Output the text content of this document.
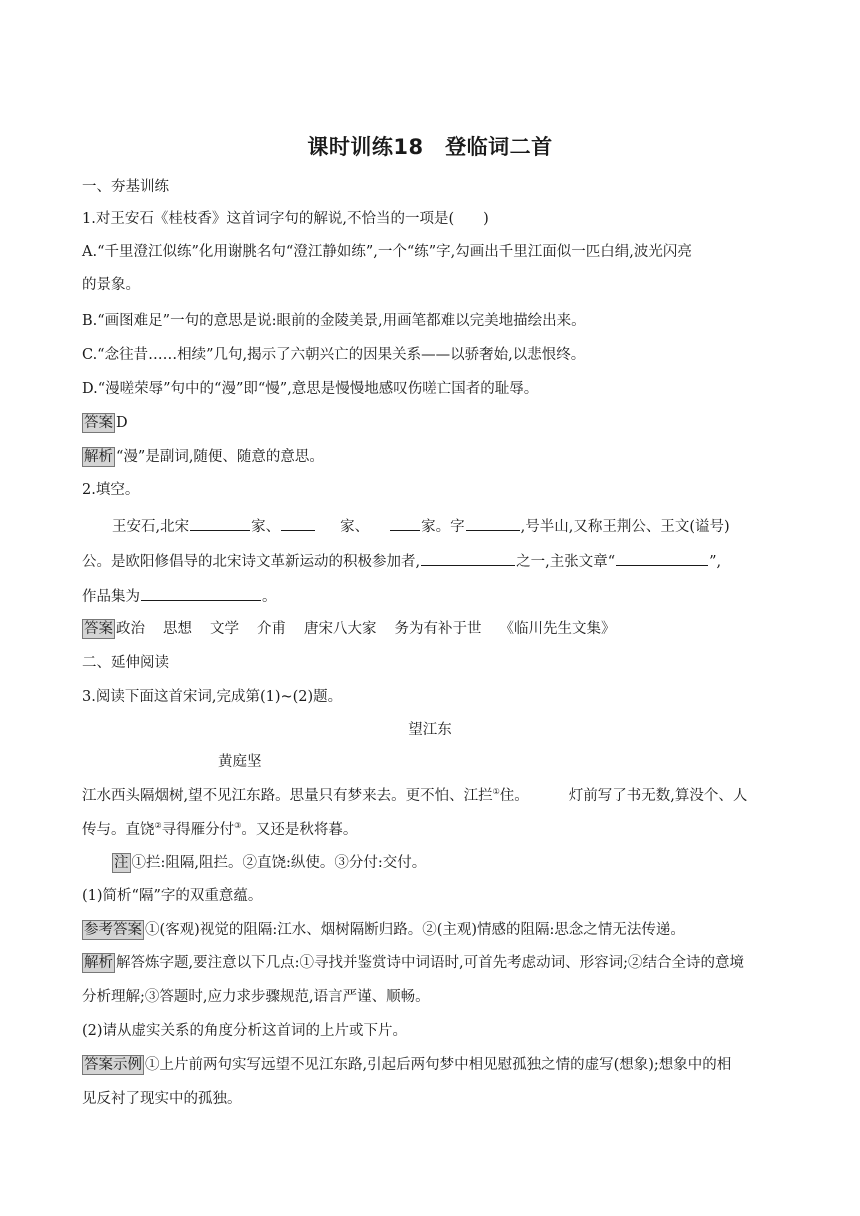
课时训练18　登临词二首
一、夯基训练
1.对王安石《桂枝香》这首词字句的解说,不恰当的一项是(　　)
A.“千里澄江似练”化用谢朓名句“澄江静如练”,一个“练”字,勾画出千里江面似一匹白绢,波光闪亮
的景象。
B.“画图难足”一句的意思是说:眼前的金陵美景,用画笔都难以完美地描绘出来。
C.“念往昔……相续”几句,揭示了六朝兴亡的因果关系——以骄奢始,以悲恨终。
D.“漫嗟荣辱”句中的“漫”即“慢”,意思是慢慢地感叹伤嗟亡国者的耻辱。
答案 D
解析 “漫”是副词,随便、随意的意思。
2.填空。
王安石,北宋	家、	家、	家。字	,号半山,又称王荆公、王文(谥号)
公。是欧阳修倡导的北宋诗文革新运动的积极参加者,	之一,主张文章“	”,
作品集为	。
答案 政治 思想 文学 介甫 唐宋八大家 务为有补于世 《临川先生文集》
二、延伸阅读
3.阅读下面这首宋词,完成第(1)~(2)题。
望江东
黄庭坚
江水西头隔烟树,望不见江东路。思量只有梦来去。更不怕、江拦①住。	灯前写了书无数,算没个、人
传与。直饶②寻得雁分付③。又还是秋将暮。
注 ①拦:阻隔,阻拦。②直饶:纵使。③分付:交付。
(1)简析“隔”字的双重意蕴。
参考答案 ①(客观)视觉的阻隔:江水、烟树隔断归路。②(主观)情感的阻隔:思念之情无法传递。
解析 解答炼字题,要注意以下几点:①寻找并鉴赏诗中词语时,可首先考虑动词、形容词;②结合全诗的意境
分析理解;③答题时,应力求步骤规范,语言严谨、顺畅。
(2)请从虚实关系的角度分析这首词的上片或下片。
答案示例 ①上片前两句实写远望不见江东路,引起后两句梦中相见慰孤独之情的虚写(想象);想象中的相
见反衬了现实中的孤独。
